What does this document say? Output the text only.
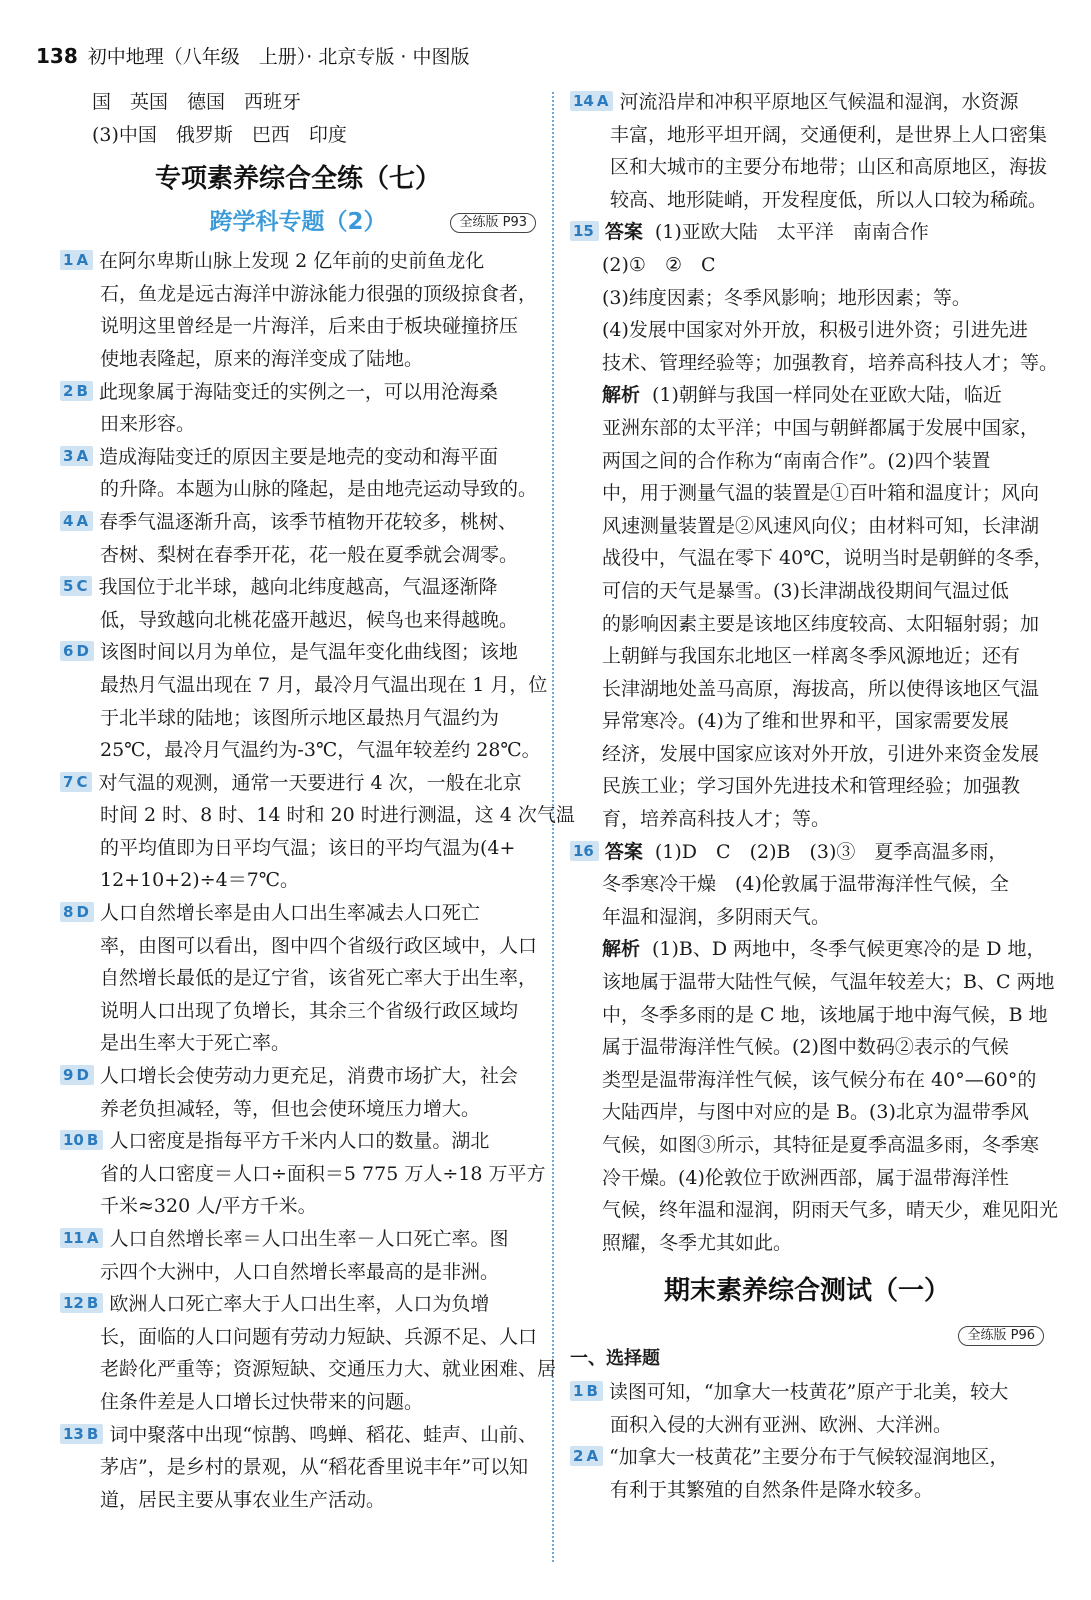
138 初中地理（八年级　上册）· 北京专版 · 中图版
国　英国　德国　西班牙
(3)中国　俄罗斯　巴西　印度
专项素养综合全练（七）
跨学科专题（2）	全练版 P93
1 A 在阿尔卑斯山脉上发现 2 亿年前的史前鱼龙化
石，鱼龙是远古海洋中游泳能力很强的顶级掠食者，
说明这里曾经是一片海洋，后来由于板块碰撞挤压
使地表隆起，原来的海洋变成了陆地。
2 B 此现象属于海陆变迁的实例之一，可以用沧海桑
田来形容。
3 A 造成海陆变迁的原因主要是地壳的变动和海平面
的升降。本题为山脉的隆起，是由地壳运动导致的。
4 A 春季气温逐渐升高，该季节植物开花较多，桃树、
杏树、梨树在春季开花，花一般在夏季就会凋零。
5 C 我国位于北半球，越向北纬度越高，气温逐渐降
低，导致越向北桃花盛开越迟，候鸟也来得越晚。
6 D 该图时间以月为单位，是气温年变化曲线图；该地
最热月气温出现在 7 月，最冷月气温出现在 1 月，位
于北半球的陆地；该图所示地区最热月气温约为
25℃，最冷月气温约为-3℃，气温年较差约 28℃。
7 C 对气温的观测，通常一天要进行 4 次，一般在北京
时间 2 时、8 时、14 时和 20 时进行测温，这 4 次气温
的平均值即为日平均气温；该日的平均气温为(4+
12+10+2)÷4＝7℃。
8 D 人口自然增长率是由人口出生率减去人口死亡
率，由图可以看出，图中四个省级行政区域中，人口
自然增长最低的是辽宁省，该省死亡率大于出生率，
说明人口出现了负增长，其余三个省级行政区域均
是出生率大于死亡率。
9 D 人口增长会使劳动力更充足，消费市场扩大，社会
养老负担减轻，等，但也会使环境压力增大。
10 B 人口密度是指每平方千米内人口的数量。湖北
省的人口密度＝人口÷面积＝5 775 万人÷18 万平方
千米≈320 人/平方千米。
11 A 人口自然增长率＝人口出生率－人口死亡率。图
示四个大洲中，人口自然增长率最高的是非洲。
12 B 欧洲人口死亡率大于人口出生率，人口为负增
长，面临的人口问题有劳动力短缺、兵源不足、人口
老龄化严重等；资源短缺、交通压力大、就业困难、居
住条件差是人口增长过快带来的问题。
13 B 词中聚落中出现“惊鹊、鸣蝉、稻花、蛙声、山前、
茅店”，是乡村的景观，从“稻花香里说丰年”可以知
道，居民主要从事农业生产活动。
14 A 河流沿岸和冲积平原地区气候温和湿润，水资源
丰富，地形平坦开阔，交通便利，是世界上人口密集
区和大城市的主要分布地带；山区和高原地区，海拔
较高、地形陡峭，开发程度低，所以人口较为稀疏。
15 答案 (1)亚欧大陆　太平洋　南南合作
(2)①　②　C
(3)纬度因素；冬季风影响；地形因素；等。
(4)发展中国家对外开放，积极引进外资；引进先进
技术、管理经验等；加强教育，培养高科技人才；等。
解析 (1)朝鲜与我国一样同处在亚欧大陆，临近
亚洲东部的太平洋；中国与朝鲜都属于发展中国家，
两国之间的合作称为“南南合作”。(2)四个装置
中，用于测量气温的装置是①百叶箱和温度计；风向
风速测量装置是②风速风向仪；由材料可知，长津湖
战役中，气温在零下 40℃，说明当时是朝鲜的冬季，
可信的天气是暴雪。(3)长津湖战役期间气温过低
的影响因素主要是该地区纬度较高、太阳辐射弱；加
上朝鲜与我国东北地区一样离冬季风源地近；还有
长津湖地处盖马高原，海拔高，所以使得该地区气温
异常寒冷。(4)为了维和世界和平，国家需要发展
经济，发展中国家应该对外开放，引进外来资金发展
民族工业；学习国外先进技术和管理经验；加强教
育，培养高科技人才；等。
16 答案 (1)D　C　(2)B　(3)③　夏季高温多雨，
冬季寒冷干燥　(4)伦敦属于温带海洋性气候，全
年温和湿润，多阴雨天气。
解析 (1)B、D 两地中，冬季气候更寒冷的是 D 地，
该地属于温带大陆性气候，气温年较差大；B、C 两地
中，冬季多雨的是 C 地，该地属于地中海气候，B 地
属于温带海洋性气候。(2)图中数码②表示的气候
类型是温带海洋性气候，该气候分布在 40°—60°的
大陆西岸，与图中对应的是 B。(3)北京为温带季风
气候，如图③所示，其特征是夏季高温多雨，冬季寒
冷干燥。(4)伦敦位于欧洲西部，属于温带海洋性
气候，终年温和湿润，阴雨天气多，晴天少，难见阳光
照耀，冬季尤其如此。
期末素养综合测试（一）
全练版 P96
一、选择题
1 B 读图可知，“加拿大一枝黄花”原产于北美，较大
面积入侵的大洲有亚洲、欧洲、大洋洲。
2 A “加拿大一枝黄花”主要分布于气候较湿润地区，
有利于其繁殖的自然条件是降水较多。
